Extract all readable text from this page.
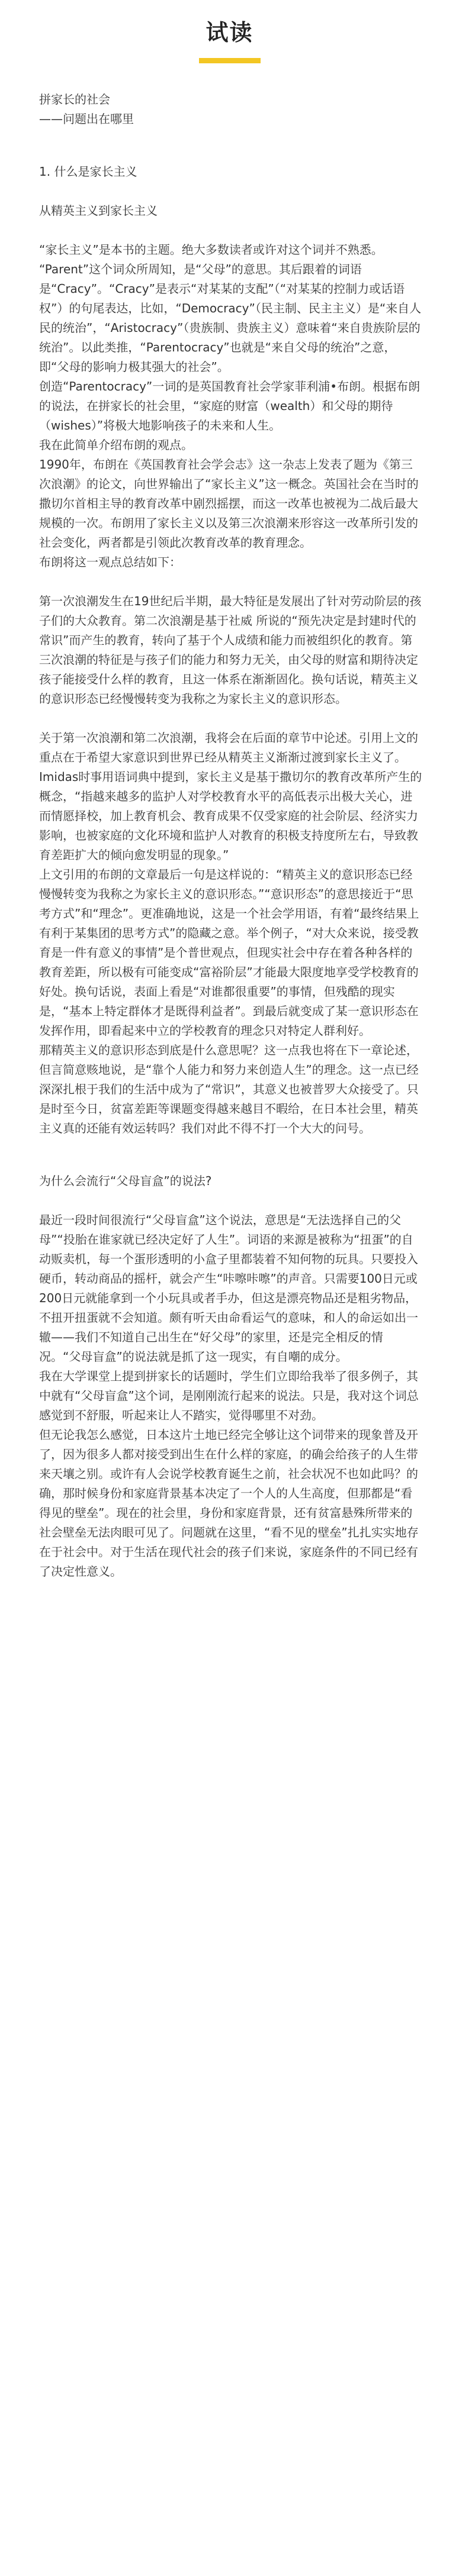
试读

拼家长的社会

——问题出在哪里

1. 什么是家长主义

从精英主义到家长主义

“家长主义”是本书的主题。绝大多数读者或许对这个词并不熟悉。

“Parent”这个词众所周知，是“父母”的意思。其后跟着的词语是“Cracy”。“Cracy”是表示“对某某的支配”（“对某某的控制力或话语权”）的句尾表达，比如，“Democracy”（民主制、民主主义）是“来自人民的统治”，“Aristocracy”（贵族制、贵族主义）意味着“来自贵族阶层的统治”。以此类推，“Parentocracy”也就是“来自父母的统治”之意，即“父母的影响力极其强大的社会”。

创造“Parentocracy”一词的是英国教育社会学家菲利浦•布朗。根据布朗的说法，在拼家长的社会里，“家庭的财富（wealth）和父母的期待（wishes）”将极大地影响孩子的未来和人生。

我在此简单介绍布朗的观点。

1990年，布朗在《英国教育社会学会志》这一杂志上发表了题为《第三次浪潮》的论文，向世界输出了“家长主义”这一概念。英国社会在当时的撒切尔首相主导的教育改革中剧烈摇摆，而这一改革也被视为二战后最大规模的一次。布朗用了家长主义以及第三次浪潮来形容这一改革所引发的社会变化，两者都是引领此次教育改革的教育理念。

布朗将这一观点总结如下：

第一次浪潮发生在19世纪后半期，最大特征是发展出了针对劳动阶层的孩子们的大众教育。第二次浪潮是基于社威 所说的“预先决定是封建时代的常识”而产生的教育，转向了基于个人成绩和能力而被组织化的教育。第三次浪潮的特征是与孩子们的能力和努力无关，由父母的财富和期待决定孩子能接受什么样的教育，且这一体系在渐渐固化。换句话说，精英主义的意识形态已经慢慢转变为我称之为家长主义的意识形态。

关于第一次浪潮和第二次浪潮，我将会在后面的章节中论述。引用上文的重点在于希望大家意识到世界已经从精英主义渐渐过渡到家长主义了。

Imidas时事用语词典中提到，家长主义是基于撒切尔的教育改革所产生的概念，“指越来越多的监护人对学校教育水平的高低表示出极大关心，进而情愿择校，加上教育机会、教育成果不仅受家庭的社会阶层、经济实力影响，也被家庭的文化环境和监护人对教育的积极支持度所左右，导致教育差距扩大的倾向愈发明显的现象。”

上文引用的布朗的文章最后一句是这样说的：“精英主义的意识形态已经慢慢转变为我称之为家长主义的意识形态。”“意识形态”的意思接近于“思考方式”和“理念”。更准确地说，这是一个社会学用语，有着“最终结果上有利于某集团的思考方式”的隐藏之意。举个例子，“对大众来说，接受教育是一件有意义的事情”是个普世观点，但现实社会中存在着各种各样的教育差距，所以极有可能变成“富裕阶层”才能最大限度地享受学校教育的好处。换句话说，表面上看是“对谁都很重要”的事情，但残酷的现实是，“基本上特定群体才是既得利益者”。到最后就变成了某一意识形态在发挥作用，即看起来中立的学校教育的理念只对特定人群利好。

那精英主义的意识形态到底是什么意思呢？这一点我也将在下一章论述，但言简意赅地说，是“靠个人能力和努力来创造人生”的理念。这一点已经深深扎根于我们的生活中成为了“常识”，其意义也被普罗大众接受了。只是时至今日，贫富差距等课题变得越来越目不暇给，在日本社会里，精英主义真的还能有效运转吗？我们对此不得不打一个大大的问号。

为什么会流行“父母盲盒”的说法?

最近一段时间很流行“父母盲盒”这个说法，意思是“无法选择自己的父母”“投胎在谁家就已经决定好了人生”。词语的来源是被称为“扭蛋”的自动贩卖机，每一个蛋形透明的小盒子里都装着不知何物的玩具。只要投入硬币，转动商品的摇杆，就会产生“咔嚓咔嚓”的声音。只需要100日元或200日元就能拿到一个小玩具或者手办，但这是漂亮物品还是粗劣物品，不扭开扭蛋就不会知道。颇有听天由命看运气的意味，和人的命运如出一辙——我们不知道自己出生在“好父母”的家里，还是完全相反的情况。“父母盲盒”的说法就是抓了这一现实，有自嘲的成分。

我在大学课堂上提到拼家长的话题时，学生们立即给我举了很多例子，其中就有“父母盲盒”这个词，是刚刚流行起来的说法。只是，我对这个词总感觉到不舒服，听起来让人不踏实，觉得哪里不对劲。

但无论我怎么感觉，日本这片土地已经完全够让这个词带来的现象普及开了，因为很多人都对接受到出生在什么样的家庭，的确会给孩子的人生带来天壤之别。或许有人会说学校教育诞生之前，社会状况不也如此吗？的确，那时候身份和家庭背景基本决定了一个人的人生高度，但那都是“看得见的壁垒”。现在的社会里，身份和家庭背景，还有贫富悬殊所带来的社会壁垒无法肉眼可见了。问题就在这里，“看不见的壁垒”扎扎实实地存在于社会中。对于生活在现代社会的孩子们来说，家庭条件的不同已经有了决定性意义。
